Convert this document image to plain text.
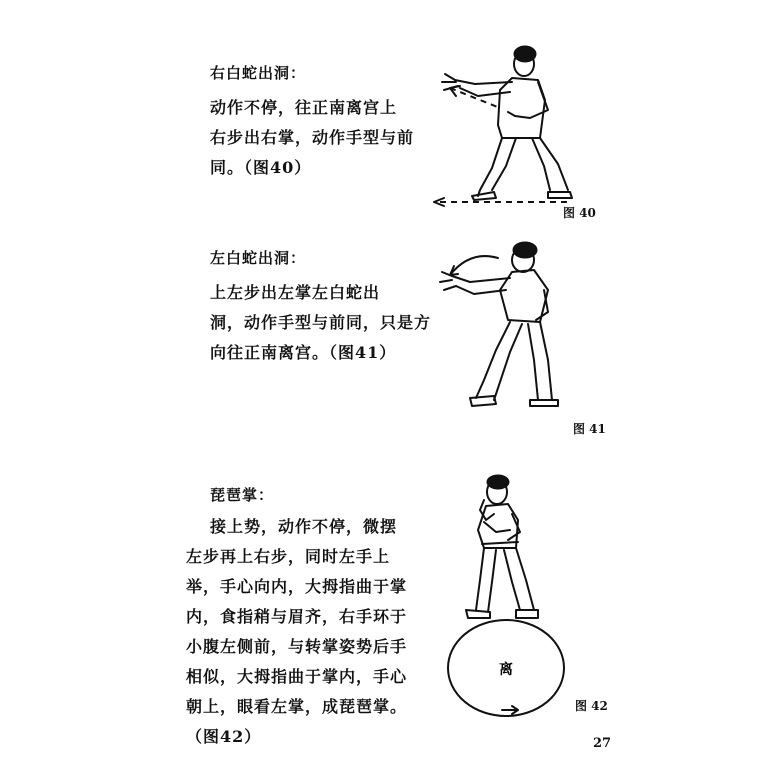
右白蛇出洞：
动作不停，往正南离宫上
右步出右掌，动作手型与前
同。（图40）
图 40
左白蛇出洞：
上左步出左掌左白蛇出
洞，动作手型与前同，只是方
向往正南离宫。（图41）
图 41
琵琶掌：
接上势，动作不停，微摆
左步再上右步，同时左手上
举，手心向内，大拇指曲于掌
内，食指稍与眉齐，右手环于
小腹左侧前，与转掌姿势后手
相似，大拇指曲于掌内，手心
朝上，眼看左掌，成琵琶掌。
（图42）
离
图 42
27
